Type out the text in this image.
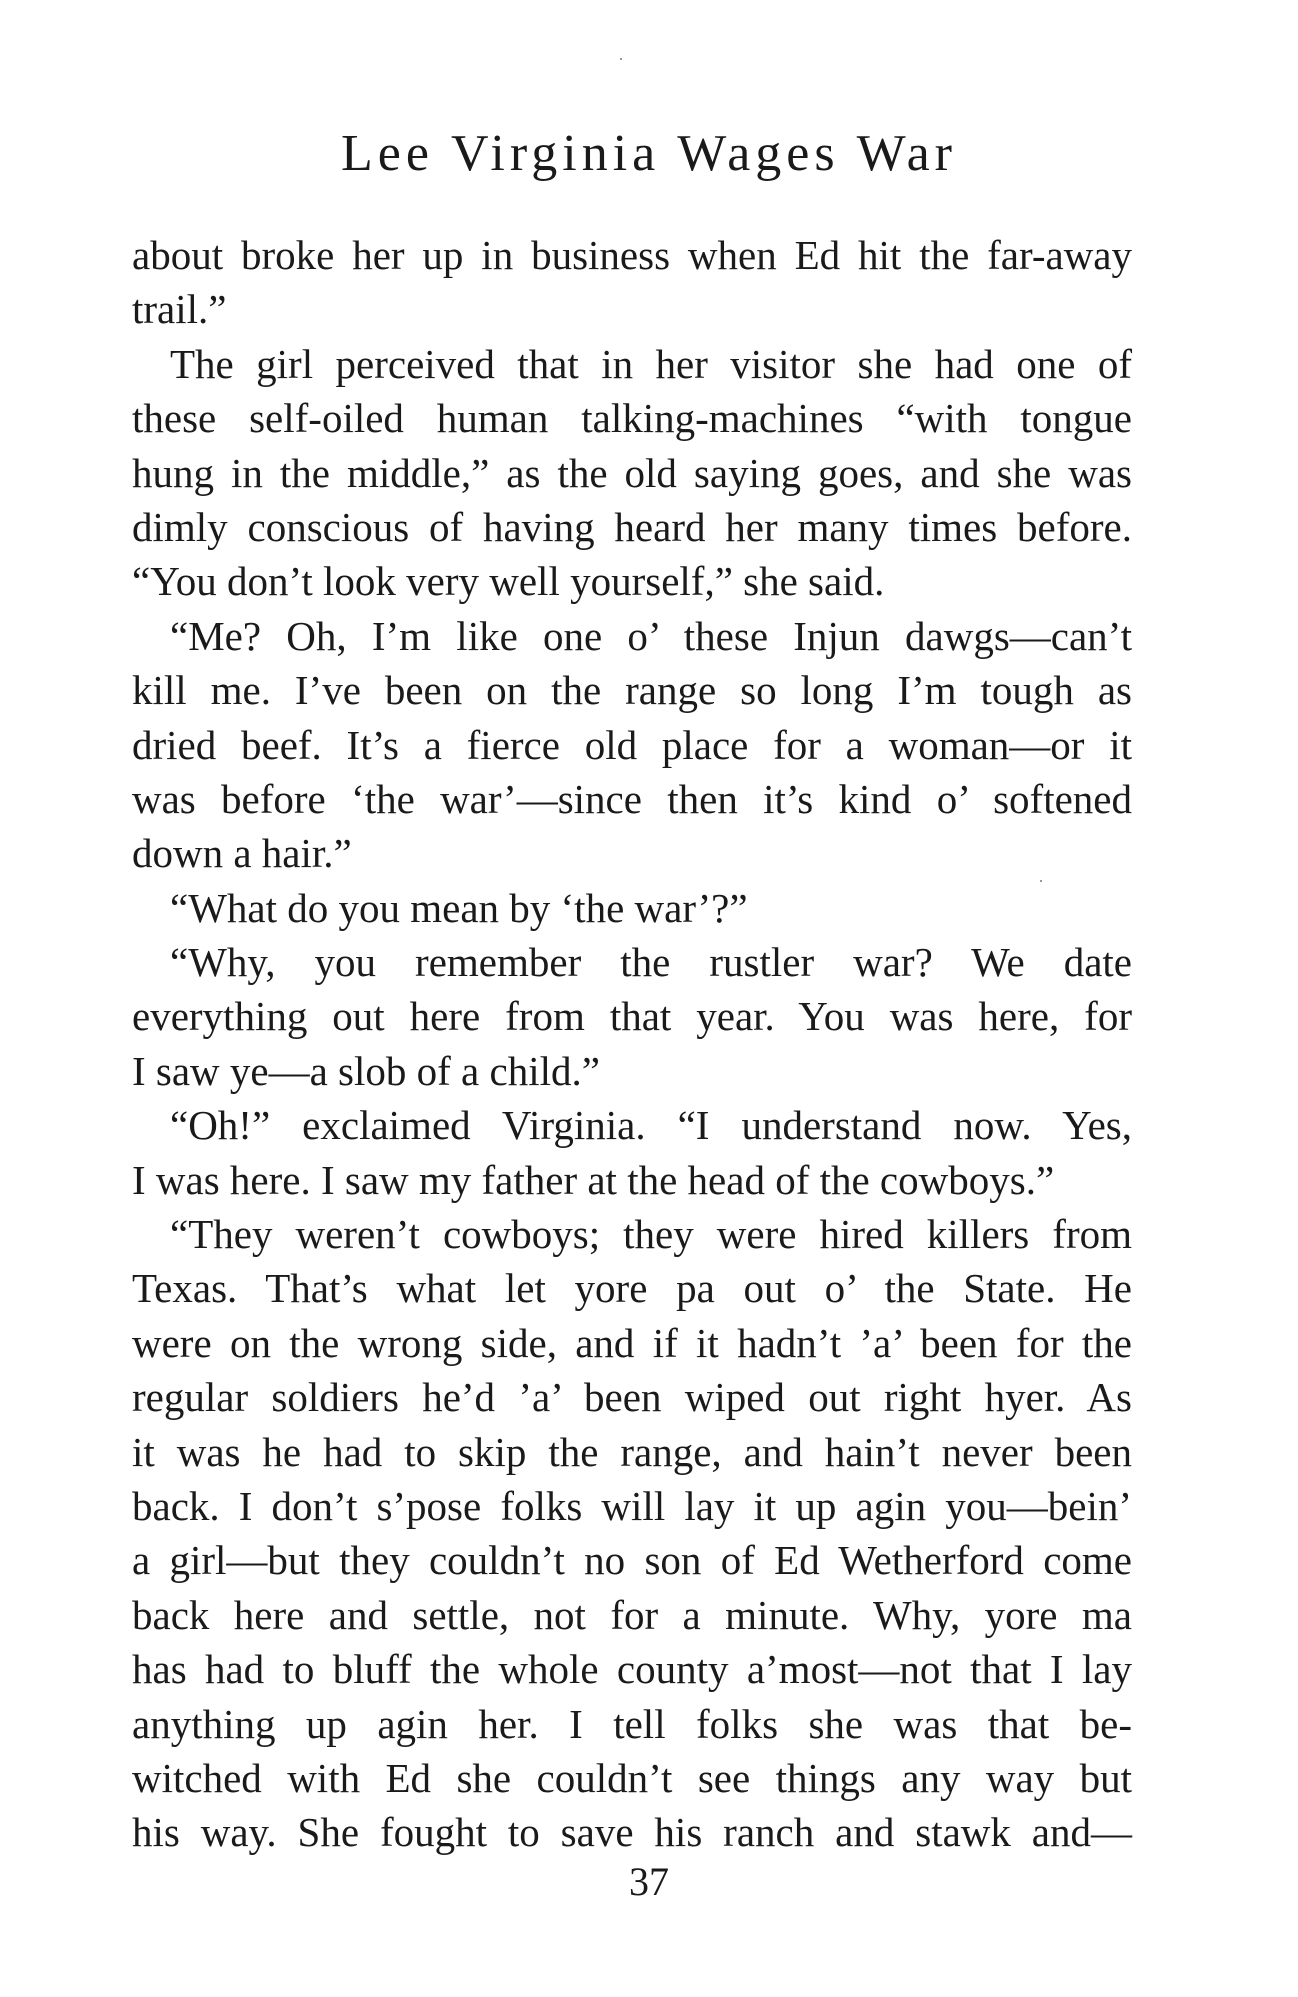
Lee Virginia Wages War

about broke her up in business when Ed hit the far-away
trail.”

The girl perceived that in her visitor she had one of
these self-oiled human talking-machines “with tongue
hung in the middle,” as the old saying goes, and she was
dimly conscious of having heard her many times before.
“You don’t look very well yourself,” she said.

“Me? Oh, I’m like one o’ these Injun dawgs—can’t
kill me. I’ve been on the range so long I’m tough as
dried beef. It’s a fierce old place for a woman—or it
was before ‘the war’—since then it’s kind o’ softened
down a hair.”

“What do you mean by ‘the war’?”

“Why, you remember the rustler war? We date
everything out here from that year. You was here, for
I saw ye—a slob of a child.”

“Oh!” exclaimed Virginia. “I understand now. Yes,
I was here. I saw my father at the head of the cowboys.”

“They weren’t cowboys; they were hired killers from
Texas. That’s what let yore pa out o’ the State. He
were on the wrong side, and if it hadn’t ’a’ been for the
regular soldiers he’d ’a’ been wiped out right hyer. As
it was he had to skip the range, and hain’t never been
back. I don’t s’pose folks will lay it up agin you—bein’
a girl—but they couldn’t no son of Ed Wetherford come
back here and settle, not for a minute. Why, yore ma
has had to bluff the whole county a’most—not that I lay
anything up agin her. I tell folks she was that be-
witched with Ed she couldn’t see things any way but
his way. She fought to save his ranch and stawk and—

37
